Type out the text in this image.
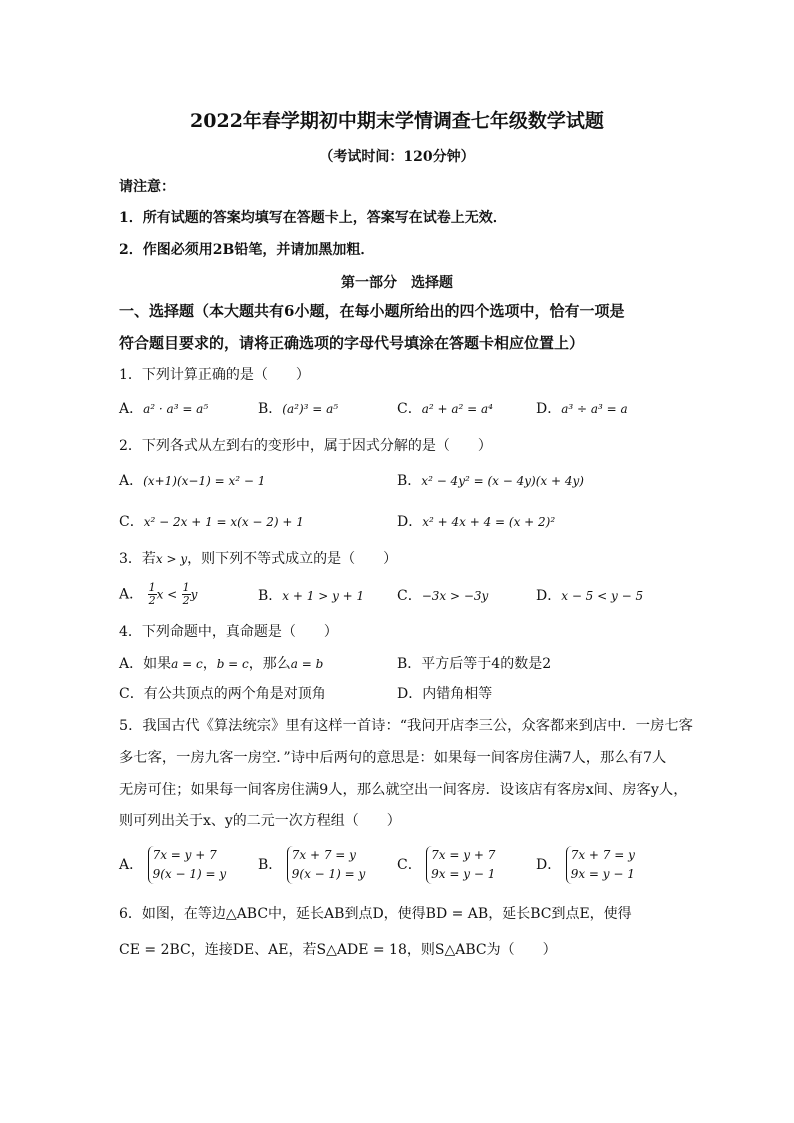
2022年春学期初中期末学情调查七年级数学试题
（考试时间：120分钟）
请注意：
1．所有试题的答案均填写在答题卡上，答案写在试卷上无效．
2．作图必须用2B铅笔，并请加黑加粗．
第一部分　选择题
一、选择题（本大题共有6小题，在每小题所给出的四个选项中，恰有一项是
符合题目要求的，请将正确选项的字母代号填涂在答题卡相应位置上）
1．下列计算正确的是（　　）
A．a² · a³ = a⁵	B．(a²)³ = a⁵	C．a² + a² = a⁴	D．a³ ÷ a³ = a
2．下列各式从左到右的变形中，属于因式分解的是（　　）
A．(x+1)(x−1) = x² − 1	B．x² − 4y² = (x − 4y)(x + 4y)
C．x² − 2x + 1 = x(x − 2) + 1	D．x² + 4x + 4 = (x + 2)²
3．若x > y，则下列不等式成立的是（　　）
A． $\frac{1}{2}$ $x < \frac{1}{2}$ y	B．x + 1 > y + 1 C．−3x > −3y	D．x − 5 < y − 5
4．下列命题中，真命题是（　　）
A．如果a = c，b = c，那么a = b	B．平方后等于4的数是2
C．有公共顶点的两个角是对顶角	D．内错角相等
5．我国古代《算法统宗》里有这样一首诗：“我问开店李三公，众客都来到店中．一房七客
多七客，一房九客一房空．”诗中后两句的意思是：如果每一间客房住满7人，那么有7人
无房可住；如果每一间客房住满9人，那么就空出一间客房．设该店有客房x间、房客y人，
则可列出关于x、y的二元一次方程组（　　）
A．
7x = y + 7
9(x − 1) = y
B．
7x + 7 = y
9(x − 1) = y
C．
7x = y + 7
9x = y − 1
D．
7x + 7 = y
9x = y − 1
6．如图，在等边△ABC中，延长AB到点D，使得BD = AB，延长BC到点E，使得
CE = 2BC，连接DE、AE，若S△ADE = 18，则S△ABC为（　　）
